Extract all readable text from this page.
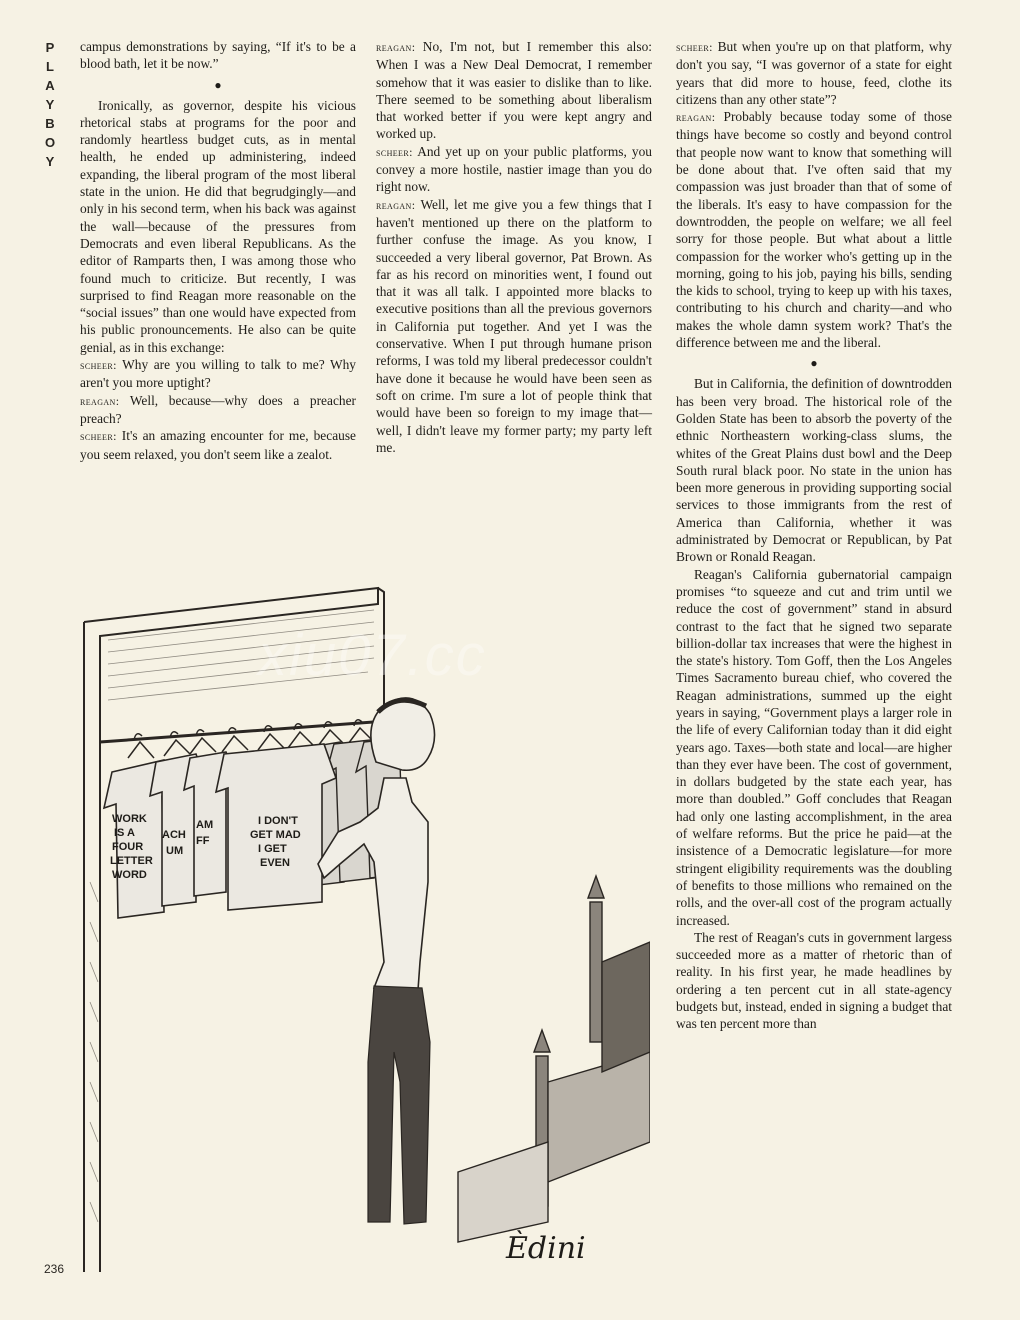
P
L
A
Y
B
O
Y
campus demonstrations by saying, “If it's to be a blood bath, let it be now.”
●
Ironically, as governor, despite his vicious rhetorical stabs at programs for the poor and randomly heartless budget cuts, as in mental health, he ended up administering, indeed expanding, the liberal program of the most liberal state in the union. He did that begrudgingly—and only in his second term, when his back was against the wall—because of the pressures from Democrats and even liberal Republicans. As the editor of Ramparts then, I was among those who found much to criticize. But recently, I was surprised to find Reagan more reasonable on the “social issues” than one would have expected from his public pronouncements. He also can be quite genial, as in this exchange:
scheer: Why are you willing to talk to me? Why aren't you more uptight?
reagan: Well, because—why does a preacher preach?
scheer: It's an amazing encounter for me, because you seem relaxed, you don't seem like a zealot.
reagan: No, I'm not, but I remember this also: When I was a New Deal Democrat, I remember somehow that it was easier to dislike than to like. There seemed to be something about liberalism that worked better if you were kept angry and worked up.
scheer: And yet up on your public platforms, you convey a more hostile, nastier image than you do right now.
reagan: Well, let me give you a few things that I haven't mentioned up there on the platform to further confuse the image. As you know, I succeeded a very liberal governor, Pat Brown. As far as his record on minorities went, I found out that it was all talk. I appointed more blacks to executive positions than all the previous governors in California put together. And yet I was the conservative. When I put through humane prison reforms, I was told my liberal predecessor couldn't have done it because he would have been seen as soft on crime. I'm sure a lot of people think that would have been so foreign to my image that—well, I didn't leave my former party; my party left me.
scheer: But when you're up on that platform, why don't you say, “I was governor of a state for eight years that did more to house, feed, clothe its citizens than any other state”?
reagan: Probably because today some of those things have become so costly and beyond control that people now want to know that something will be done about that. I've often said that my compassion was just broader than that of some of the liberals. It's easy to have compassion for the downtrodden, the people on welfare; we all feel sorry for those people. But what about a little compassion for the worker who's getting up in the morning, going to his job, paying his bills, sending the kids to school, trying to keep up with his taxes, contributing to his church and charity—and who makes the whole damn system work? That's the difference between me and the liberal.
●
But in California, the definition of downtrodden has been very broad. The historical role of the Golden State has been to absorb the poverty of the ethnic Northeastern working-class slums, the whites of the Great Plains dust bowl and the Deep South rural black poor. No state in the union has been more generous in providing supporting social services to those immigrants from the rest of America than California, whether it was administrated by Democrat or Republican, by Pat Brown or Ronald Reagan.
Reagan's California gubernatorial campaign promises “to squeeze and cut and trim until we reduce the cost of government” stand in absurd contrast to the fact that he signed two separate billion-dollar tax increases that were the highest in the state's history. Tom Goff, then the Los Angeles Times Sacramento bureau chief, who covered the Reagan administrations, summed up the eight years in saying, “Government plays a larger role in the life of every Californian today than it did eight years ago. Taxes—both state and local—are higher than they ever have been. The cost of government, in dollars budgeted by the state each year, has more than doubled.” Goff concludes that Reagan had only one lasting accomplishment, in the area of welfare reforms. But the price he paid—at the insistence of a Democratic legislature—for more stringent eligibility requirements was the doubling of benefits to those millions who remained on the rolls, and the over-all cost of the program actually increased.
The rest of Reagan's cuts in government largess succeeded more as a matter of rhetoric than of reality. In his first year, he made headlines by ordering a ten percent cut in all state-agency budgets but, instead, ended in signing a budget that was ten percent more than
WORK
IS A
FOUR
LETTER
WORD
ACH
UM
AM
FF
I DON'T
GET MAD
I GET
EVEN
Ѐdini
xiu07.cc
236
